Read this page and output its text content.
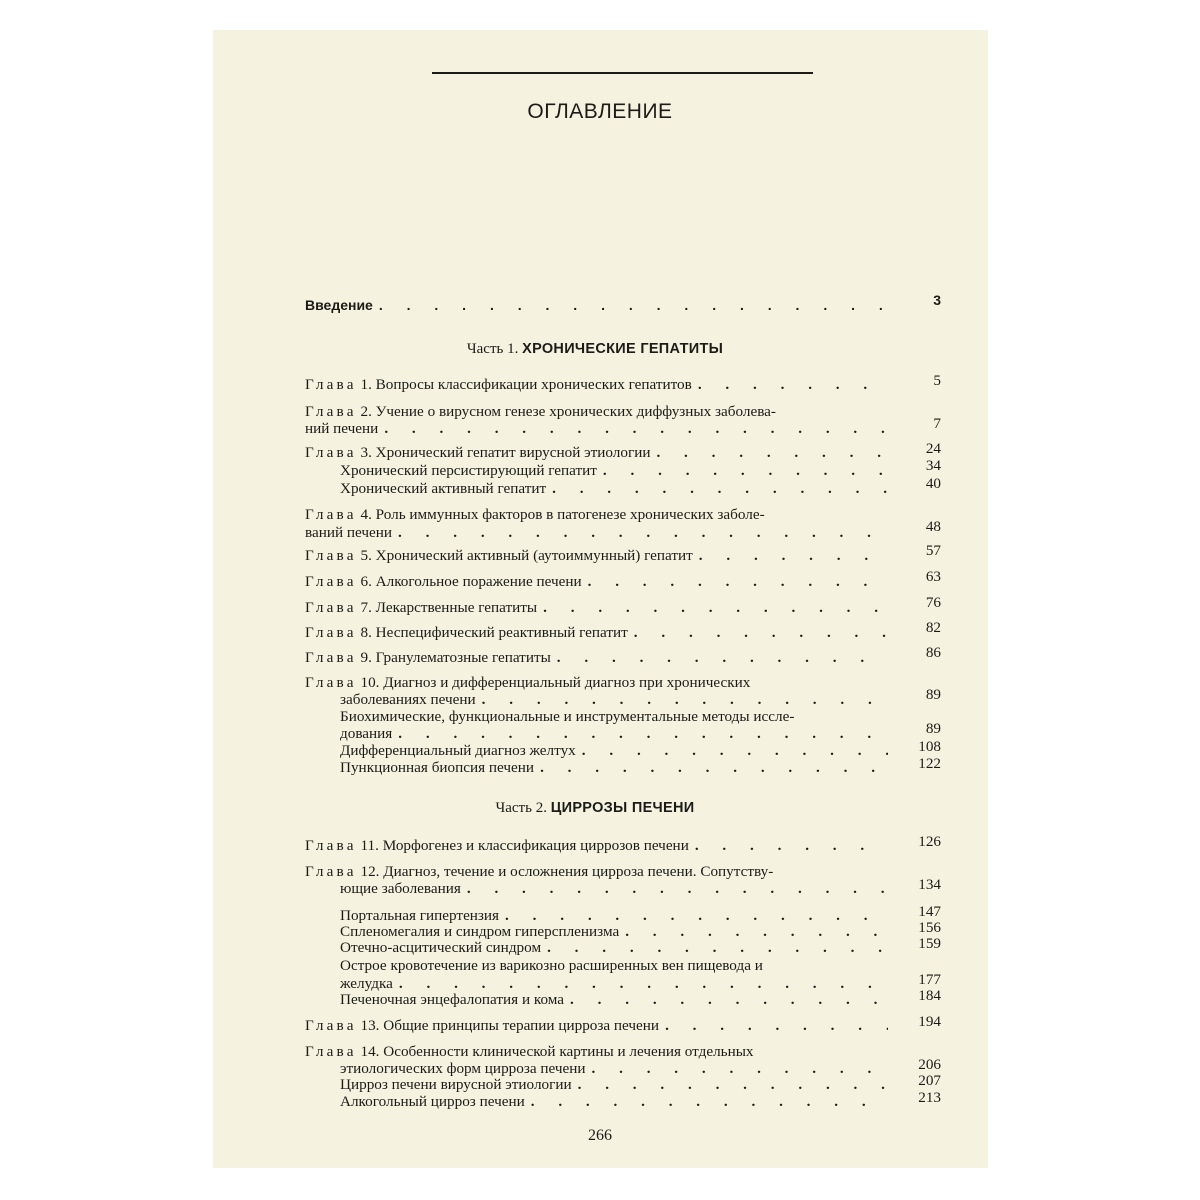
ОГЛАВЛЕНИЕ
Введение . . .	3
Часть 1. ХРОНИЧЕСКИЕ ГЕПАТИТЫ
Глава 1. Вопросы классификации хронических гепатитов . . .	5
Глава 2. Учение о вирусном генезе хронических диффузных заболева-
ний печени . . .	7
Глава 3. Хронический гепатит вирусной этиологии . . .	24
Хронический персистирующий гепатит . . .	34
Хронический активный гепатит . . .	40
Глава 4. Роль иммунных факторов в патогенезе хронических заболе-
ваний печени . . .	48
Глава 5. Хронический активный (аутоиммунный) гепатит . . .	57
Глава 6. Алкогольное поражение печени . . .	63
Глава 7. Лекарственные гепатиты . . .	76
Глава 8. Неспецифический реактивный гепатит . . .	82
Глава 9. Гранулематозные гепатиты . . .	86
Глава 10. Диагноз и дифференциальный диагноз при хронических
заболеваниях печени . . .	89
Биохимические, функциональные и инструментальные методы иссле-
дования . . .	89
Дифференциальный диагноз желтух . . .	108
Пункционная биопсия печени . . .	122
Часть 2. ЦИРРОЗЫ ПЕЧЕНИ
Глава 11. Морфогенез и классификация циррозов печени . . .	126
Глава 12. Диагноз, течение и осложнения цирроза печени. Сопутству-
ющие заболевания . . .	134
Портальная гипертензия . . .	147
Спленомегалия и синдром гиперспленизма . . .	156
Отечно-асцитический синдром . . .	159
Острое кровотечение из варикозно расширенных вен пищевода и
желудка . . .	177
Печеночная энцефалопатия и кома . . .	184
Глава 13. Общие принципы терапии цирроза печени . . .	194
Глава 14. Особенности клинической картины и лечения отдельных
этиологических форм цирроза печени . . .	206
Цирроз печени вирусной этиологии . . .	207
Алкогольный цирроз печени . . .	213
266
